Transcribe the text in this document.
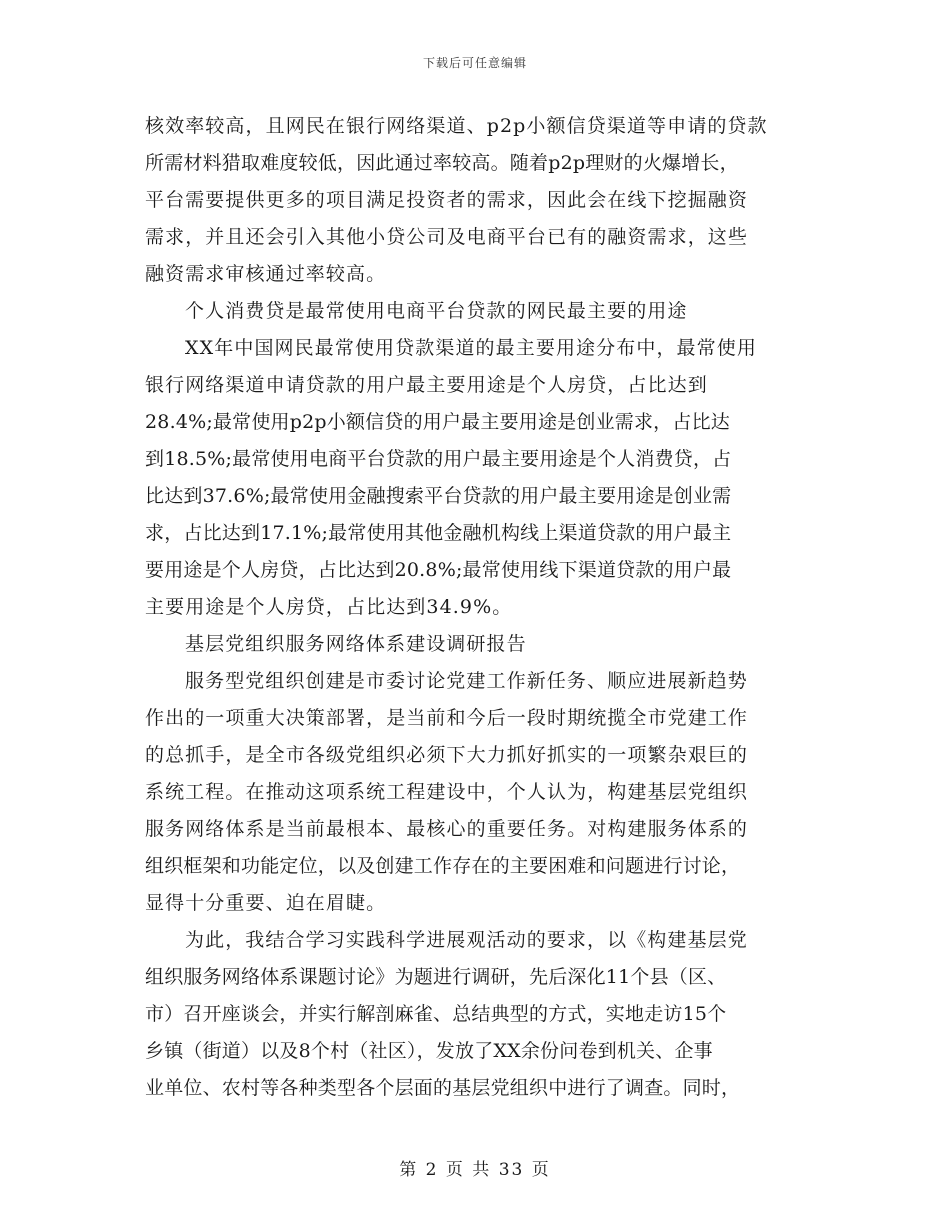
下载后可任意编辑
核效率较高，且网民在银行网络渠道、p2p小额信贷渠道等申请的贷款
所需材料猎取难度较低，因此通过率较高。随着p2p理财的火爆增长，
平台需要提供更多的项目满足投资者的需求，因此会在线下挖掘融资
需求，并且还会引入其他小贷公司及电商平台已有的融资需求，这些
融资需求审核通过率较高。
个人消费贷是最常使用电商平台贷款的网民最主要的用途
XX年中国网民最常使用贷款渠道的最主要用途分布中，最常使用
银行网络渠道申请贷款的用户最主要用途是个人房贷，占比达到
28.4%;最常使用p2p小额信贷的用户最主要用途是创业需求，占比达
到18.5%;最常使用电商平台贷款的用户最主要用途是个人消费贷，占
比达到37.6%;最常使用金融搜索平台贷款的用户最主要用途是创业需
求，占比达到17.1%;最常使用其他金融机构线上渠道贷款的用户最主
要用途是个人房贷，占比达到20.8%;最常使用线下渠道贷款的用户最
主要用途是个人房贷，占比达到34.9%。
基层党组织服务网络体系建设调研报告
服务型党组织创建是市委讨论党建工作新任务、顺应进展新趋势
作出的一项重大决策部署，是当前和今后一段时期统揽全市党建工作
的总抓手，是全市各级党组织必须下大力抓好抓实的一项繁杂艰巨的
系统工程。在推动这项系统工程建设中，个人认为，构建基层党组织
服务网络体系是当前最根本、最核心的重要任务。对构建服务体系的
组织框架和功能定位，以及创建工作存在的主要困难和问题进行讨论，
显得十分重要、迫在眉睫。
为此，我结合学习实践科学进展观活动的要求，以《构建基层党
组织服务网络体系课题讨论》为题进行调研，先后深化11个县（区、
市）召开座谈会，并实行解剖麻雀、总结典型的方式，实地走访15个
乡镇（街道）以及8个村（社区），发放了XX余份问卷到机关、企事
业单位、农村等各种类型各个层面的基层党组织中进行了调查。同时，
第 2 页 共 33 页
